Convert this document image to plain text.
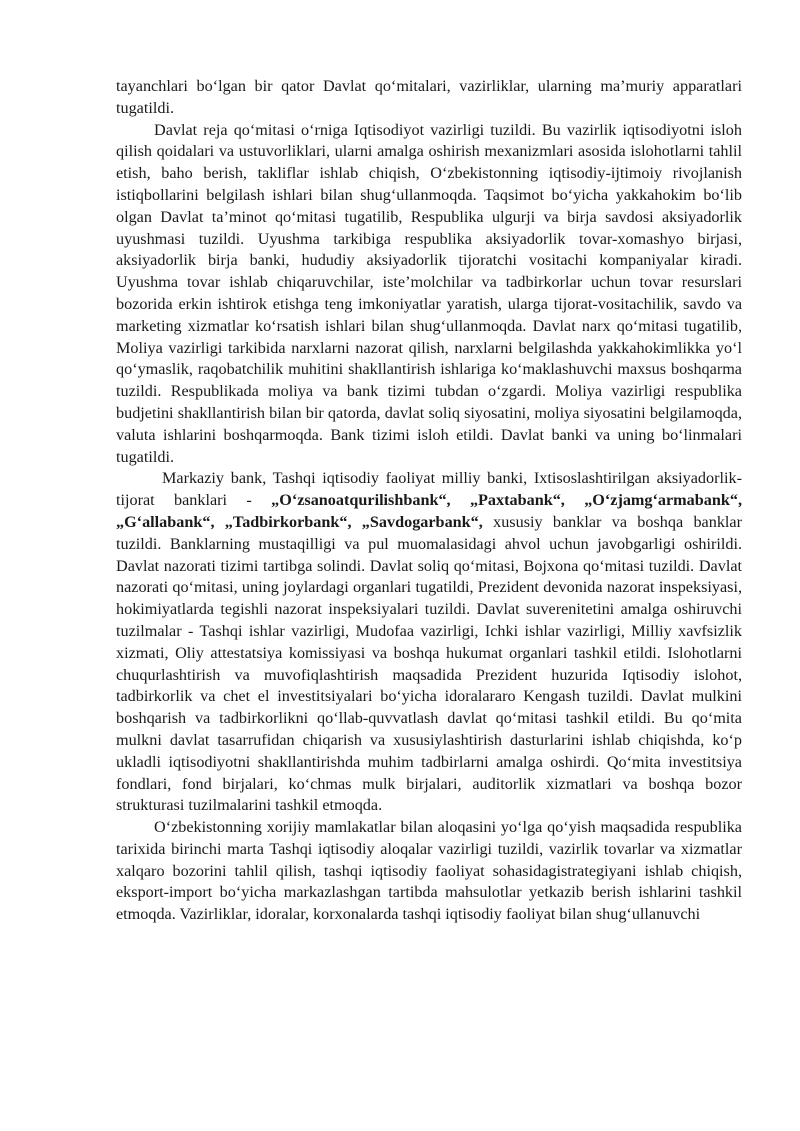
tayanchlari bo‘lgan bir qator Davlat qo‘mitalari, vazirliklar, ularning ma’muriy apparatlari tugatildi.

Davlat reja qo‘mitasi o‘rniga Iqtisodiyot vazirligi tuzildi. Bu vazirlik iqtisodiyotni isloh qilish qoidalari va ustuvorliklari, ularni amalga oshirish mexanizmlari asosida islohotlarni tahlil etish, baho berish, takliflar ishlab chiqish, O‘zbekistonning iqtisodiy-ijtimoiy rivojlanish istiqbollarini belgilash ishlari bilan shug‘ullanmoqda. Taqsimot bo‘yicha yakkahokim bo‘lib olgan Davlat ta’minot qo‘mitasi tugatilib, Respublika ulgurji va birja savdosi aksiyadorlik uyushmasi tuzildi. Uyushma tarkibiga respublika aksiyadorlik tovar-xomashyo birjasi, aksiyadorlik birja banki, hududiy aksiyadorlik tijoratchi vositachi kompaniyalar kiradi. Uyushma tovar ishlab chiqaruvchilar, iste’molchilar va tadbirkorlar uchun tovar resurslari bozorida erkin ishtirok etishga teng imkoniyatlar yaratish, ularga tijorat-vositachilik, savdo va marketing xizmatlar ko‘rsatish ishlari bilan shug‘ullanmoqda. Davlat narx qo‘mitasi tugatilib, Moliya vazirligi tarkibida narxlarni nazorat qilish, narxlarni belgilashda yakkahokimlikka yo‘l qo‘ymaslik, raqobatchilik muhitini shakllantirish ishlariga ko‘maklashuvchi maxsus boshqarma tuzildi. Respublikada moliya va bank tizimi tubdan o‘zgardi. Moliya vazirligi respublika budjetini shakllantirish bilan bir qatorda, davlat soliq siyosatini, moliya siyosatini belgilamoqda, valuta ishlarini boshqarmoqda. Bank tizimi isloh etildi. Davlat banki va uning bo‘linmalari tugatildi.

Markaziy bank, Tashqi iqtisodiy faoliyat milliy banki, Ixtisoslashtirilgan aksiyadorlik-tijorat banklari - „O‘zsanoatqurilishbank“, „Paxtabank“, „O‘zjamg‘armabank“, „G‘allabank“, „Tadbirkorbank“, „Savdogarbank“, xususiy banklar va boshqa banklar tuzildi. Banklarning mustaqilligi va pul muomalasidagi ahvol uchun javobgarligi oshirildi. Davlat nazorati tizimi tartibga solindi. Davlat soliq qo‘mitasi, Bojxona qo‘mitasi tuzildi. Davlat nazorati qo‘mitasi, uning joylardagi organlari tugatildi, Prezident devonida nazorat inspeksiyasi, hokimiyatlarda tegishli nazorat inspeksiyalari tuzildi. Davlat suverenitetini amalga oshiruvchi tuzilmalar - Tashqi ishlar vazirligi, Mudofaa vazirligi, Ichki ishlar vazirligi, Milliy xavfsizlik xizmati, Oliy attestatsiya komissiyasi va boshqa hukumat organlari tashkil etildi. Islohotlarni chuqurlashtirish va muvofiqlashtirish maqsadida Prezident huzurida Iqtisodiy islohot, tadbirkorlik va chet el investitsiyalari bo‘yicha idoralararo Kengash tuzildi. Davlat mulkini boshqarish va tadbirkorlikni qo‘llab-quvvatlash davlat qo‘mitasi tashkil etildi. Bu qo‘mita mulkni davlat tasarrufidan chiqarish va xususiylashtirish dasturlarini ishlab chiqishda, ko‘p ukladli iqtisodiyotni shakllantirishda muhim tadbirlarni amalga oshirdi. Qo‘mita investitsiya fondlari, fond birjalari, ko‘chmas mulk birjalari, auditorlik xizmatlari va boshqa bozor strukturasi tuzilmalarini tashkil etmoqda.

O‘zbekistonning xorijiy mamlakatlar bilan aloqasini yo‘lga qo‘yish maqsadida respublika tarixida birinchi marta Tashqi iqtisodiy aloqalar vazirligi tuzildi, vazirlik tovarlar va xizmatlar xalqaro bozorini tahlil qilish, tashqi iqtisodiy faoliyat sohasidagistrategiyani ishlab chiqish, eksport-import bo‘yicha markazlashgan tartibda mahsulotlar yetkazib berish ishlarini tashkil etmoqda. Vazirliklar, idoralar, korxonalarda tashqi iqtisodiy faoliyat bilan shug‘ullanuvchi
